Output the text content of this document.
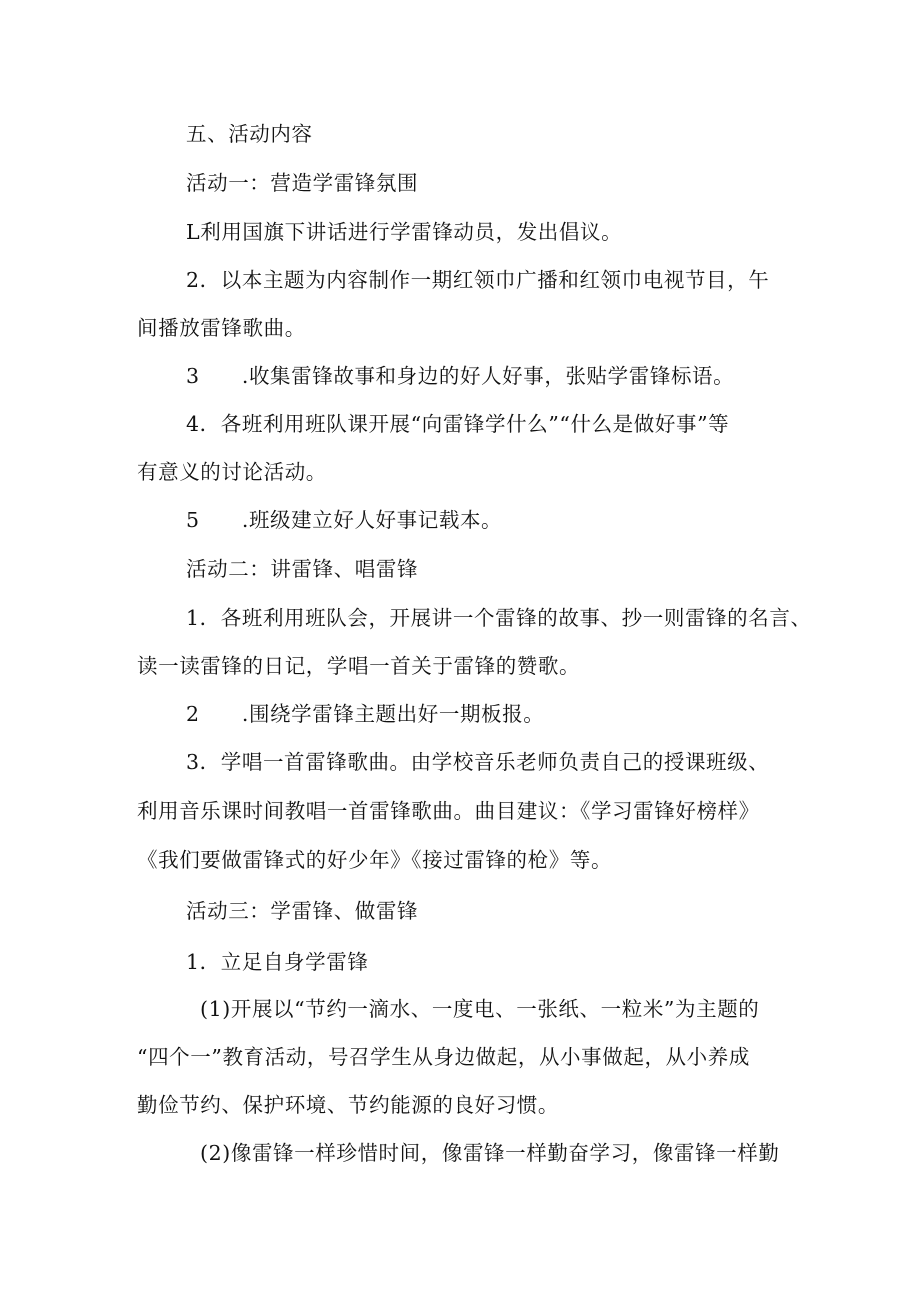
五、活动内容
活动一：营造学雷锋氛围
L利用国旗下讲话进行学雷锋动员，发出倡议。
2．以本主题为内容制作一期红领巾广播和红领巾电视节目，午
间播放雷锋歌曲。
3　　.收集雷锋故事和身边的好人好事，张贴学雷锋标语。
4．各班利用班队课开展“向雷锋学什么”“什么是做好事”等
有意义的讨论活动。
5　　.班级建立好人好事记载本。
活动二：讲雷锋、唱雷锋
1．各班利用班队会，开展讲一个雷锋的故事、抄一则雷锋的名言、
读一读雷锋的日记，学唱一首关于雷锋的赞歌。
2　　.围绕学雷锋主题出好一期板报。
3．学唱一首雷锋歌曲。由学校音乐老师负责自己的授课班级、
利用音乐课时间教唱一首雷锋歌曲。曲目建议：《学习雷锋好榜样》
《我们要做雷锋式的好少年》《接过雷锋的枪》等。
活动三：学雷锋、做雷锋
1．立足自身学雷锋
(1)开展以“节约一滴水、一度电、一张纸、一粒米”为主题的
“四个一”教育活动，号召学生从身边做起，从小事做起，从小养成
勤俭节约、保护环境、节约能源的良好习惯。
(2)像雷锋一样珍惜时间，像雷锋一样勤奋学习，像雷锋一样勤
